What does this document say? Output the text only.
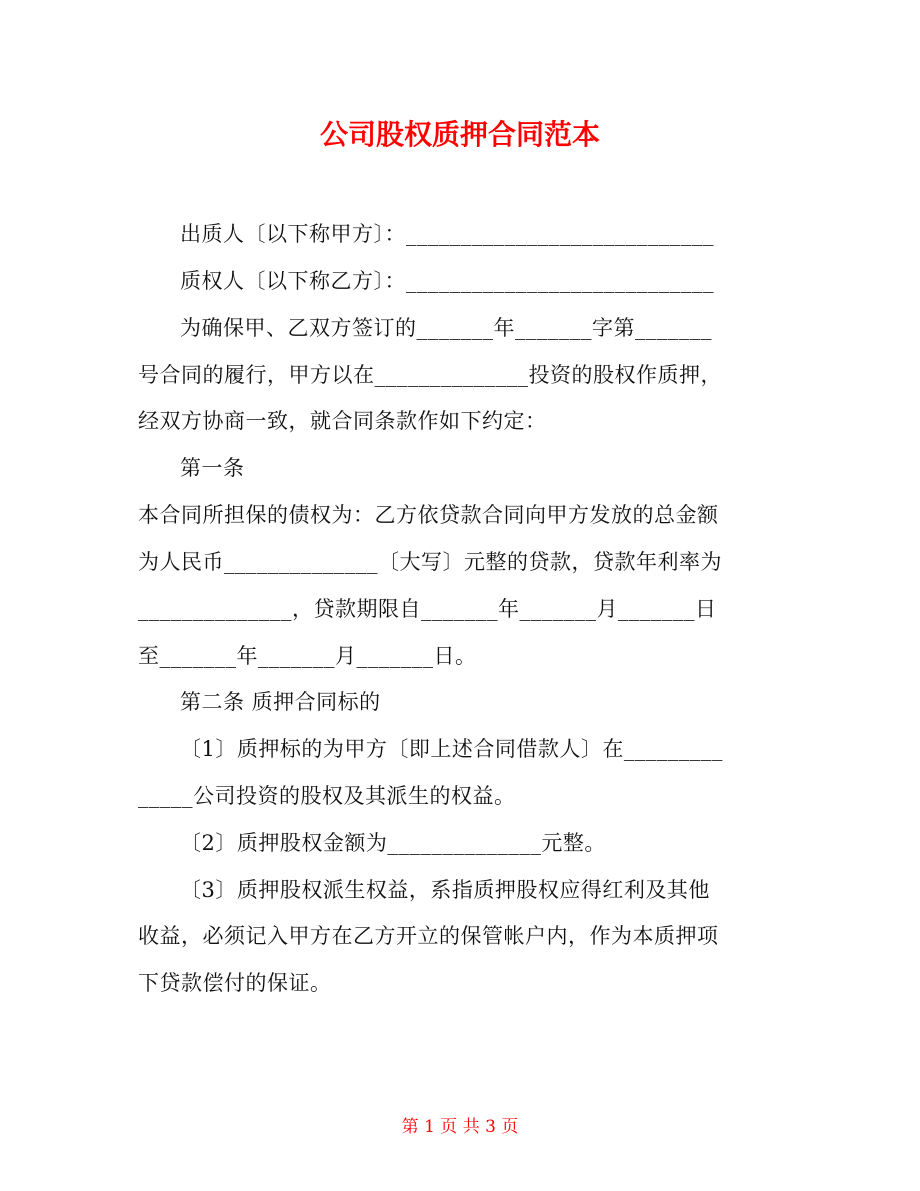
公司股权质押合同范本
出质人〔以下称甲方〕：____________________________
质权人〔以下称乙方〕：____________________________
为确保甲、乙双方签订的_______年_______字第_______
号合同的履行，甲方以在______________投资的股权作质押，
经双方协商一致，就合同条款作如下约定：
第一条
本合同所担保的债权为：乙方依贷款合同向甲方发放的总金额
为人民币______________〔大写〕元整的贷款，贷款年利率为
______________，贷款期限自_______年_______月_______日
至_______年_______月_______日。
第二条 质押合同标的
〔1〕质押标的为甲方〔即上述合同借款人〕在_________
_____公司投资的股权及其派生的权益。
〔2〕质押股权金额为______________元整。
〔3〕质押股权派生权益，系指质押股权应得红利及其他
收益，必须记入甲方在乙方开立的保管帐户内，作为本质押项
下贷款偿付的保证。
第 1 页 共 3 页
